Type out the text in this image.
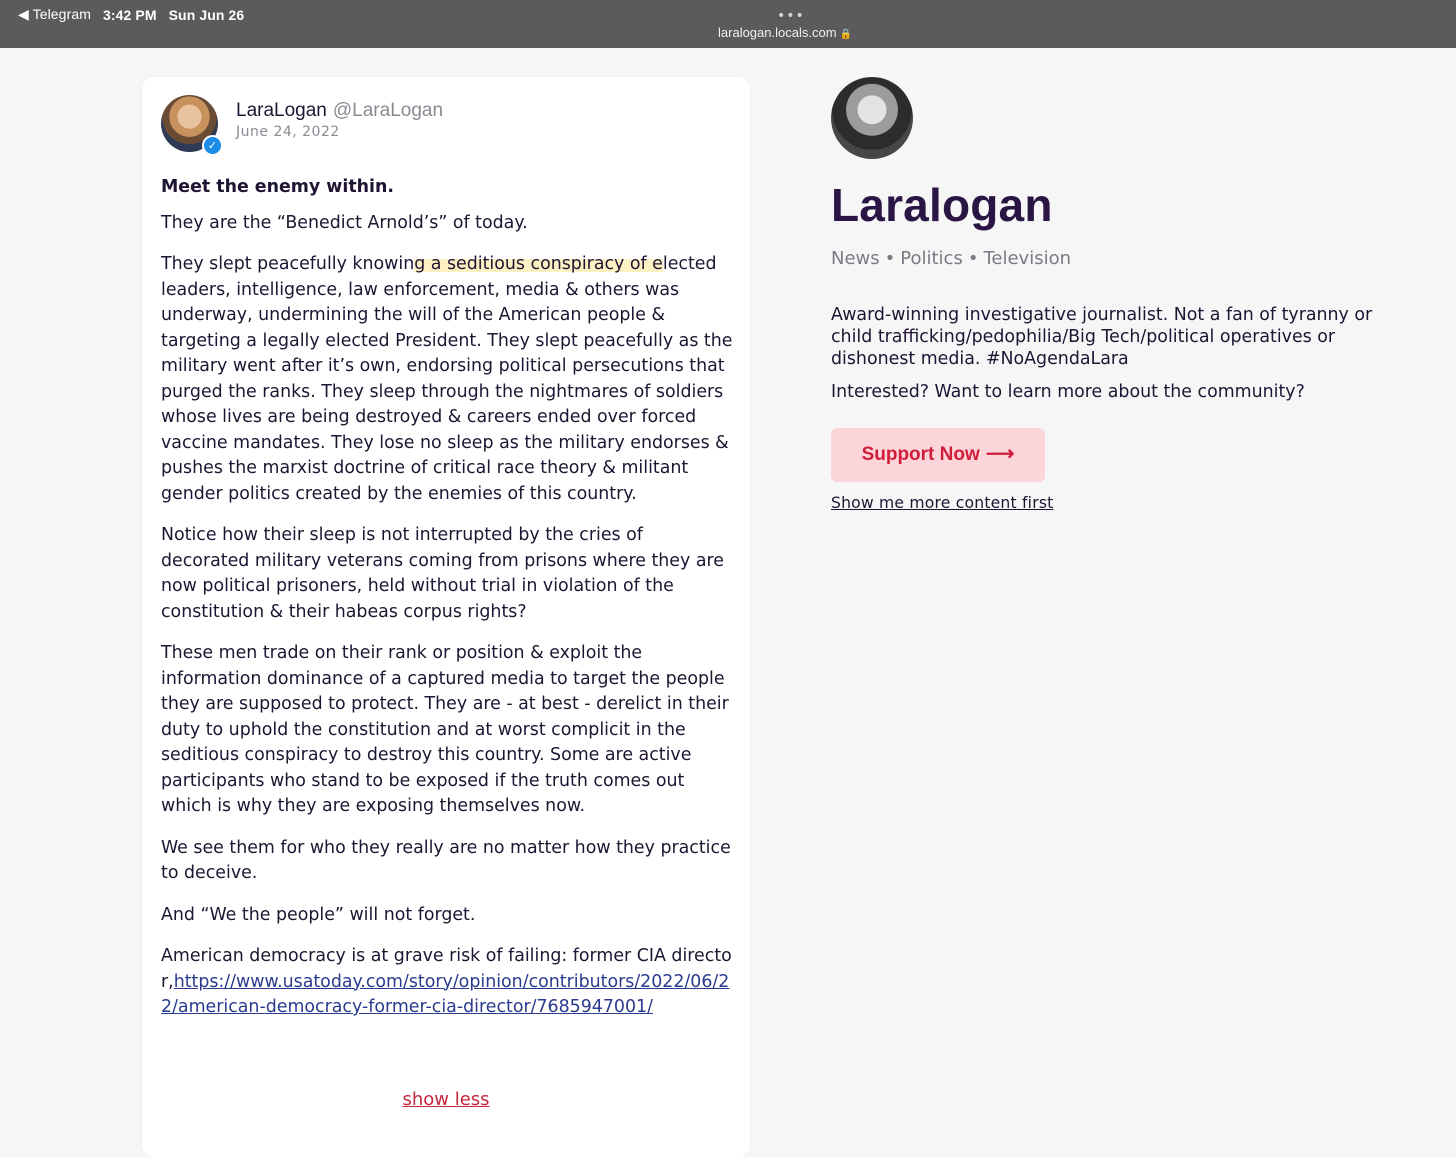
◀ Telegram 3:42 PM Sun Jun 26	•••
laralogan.locals.com 🔒
✓
LaraLogan @LaraLogan
June 24, 2022

Meet the enemy within.

They are the “Benedict Arnold’s” of today.

They slept peacefully knowing a seditious conspiracy of elected leaders, intelligence, law enforcement, media & others was underway, undermining the will of the American people & targeting a legally elected President. They slept peacefully as the military went after it’s own, endorsing political persecutions that purged the ranks. They sleep through the nightmares of soldiers whose lives are being destroyed & careers ended over forced vaccine mandates. They lose no sleep as the military endorses & pushes the marxist doctrine of critical race theory & militant gender politics created by the enemies of this country.

Notice how their sleep is not interrupted by the cries of decorated military veterans coming from prisons where they are now political prisoners, held without trial in violation of the constitution & their habeas corpus rights?

These men trade on their rank or position & exploit the information dominance of a captured media to target the people they are supposed to protect. They are - at best - derelict in their duty to uphold the constitution and at worst complicit in the seditious conspiracy to destroy this country. Some are active participants who stand to be exposed if the truth comes out which is why they are exposing themselves now.

We see them for who they really are no matter how they practice to deceive.

And “We the people” will not forget.

American democracy is at grave risk of failing: former CIA director,https://www.usatoday.com/story/opinion/contributors/2022/06/22/american-democracy-former-cia-director/7685947001/

show less
Laralogan
News • Politics • Television
Award-winning investigative journalist. Not a fan of tyranny or child trafficking/pedophilia/Big Tech/political operatives or dishonest media. #NoAgendaLara
Interested? Want to learn more about the community?
Support Now ⟶
Show me more content first
